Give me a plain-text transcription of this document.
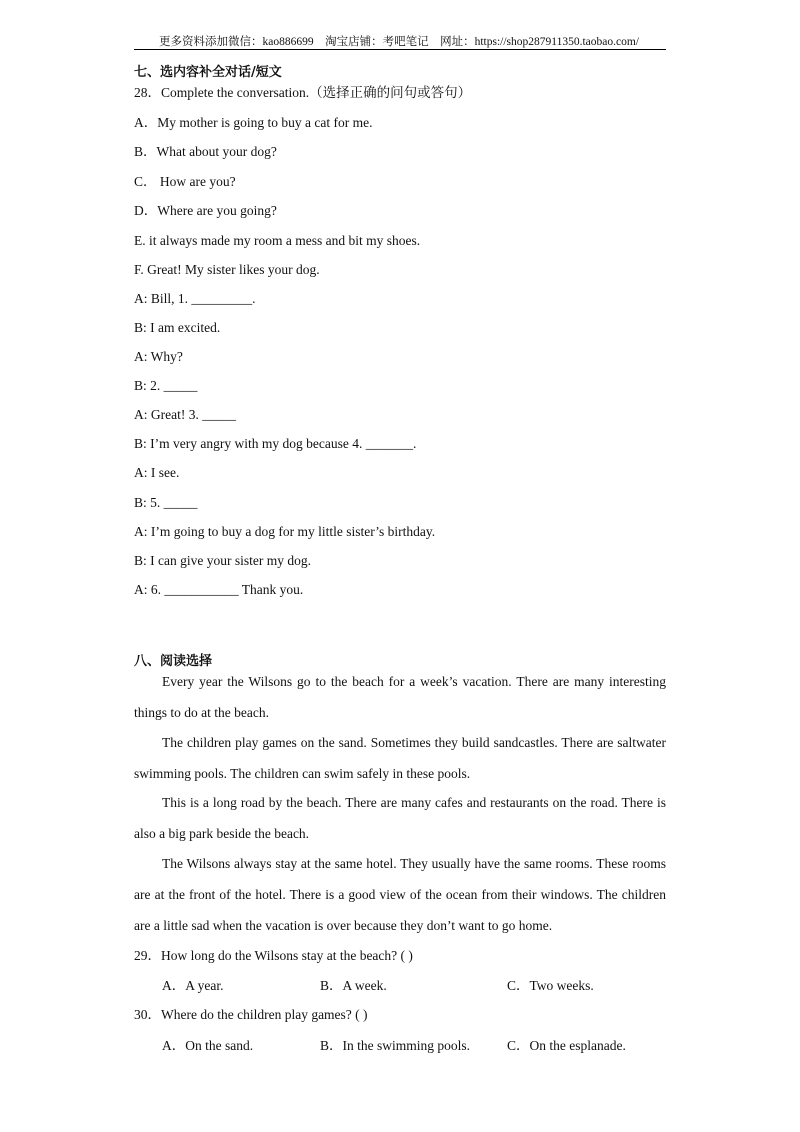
更多资料添加微信：kao886699　淘宝店铺：考吧笔记　网址：https://shop287911350.taobao.com/
七、选内容补全对话/短文
28．Complete the conversation.（选择正确的问句或答句）
A．My mother is going to buy a cat for me.
B．What about your dog?
C． How are you?
D．Where are you going?
E. it always made my room a mess and bit my shoes.
F. Great! My sister likes your dog.
A: Bill, 1. _________.
B: I am excited.
A: Why?
B: 2. _____
A: Great! 3. _____
B: I’m very angry with my dog because 4. _______.
A: I see.
B: 5. _____
A: I’m going to buy a dog for my little sister’s birthday.
B: I can give your sister my dog.
A: 6. ___________ Thank you.
八、阅读选择
Every year the Wilsons go to the beach for a week’s vacation. There are many interesting things to do at the beach.
The children play games on the sand. Sometimes they build sandcastles. There are saltwater swimming pools. The children can swim safely in these pools.
This is a long road by the beach. There are many cafes and restaurants on the road. There is also a big park beside the beach.
The Wilsons always stay at the same hotel. They usually have the same rooms. These rooms are at the front of the hotel. There is a good view of the ocean from their windows. The children are a little sad when the vacation is over because they don’t want to go home.
29．How long do the Wilsons stay at the beach? ( )
A．A year.	B．A week.	C．Two weeks.
30．Where do the children play games? ( )
A．On the sand.	B．In the swimming pools.	C．On the esplanade.
